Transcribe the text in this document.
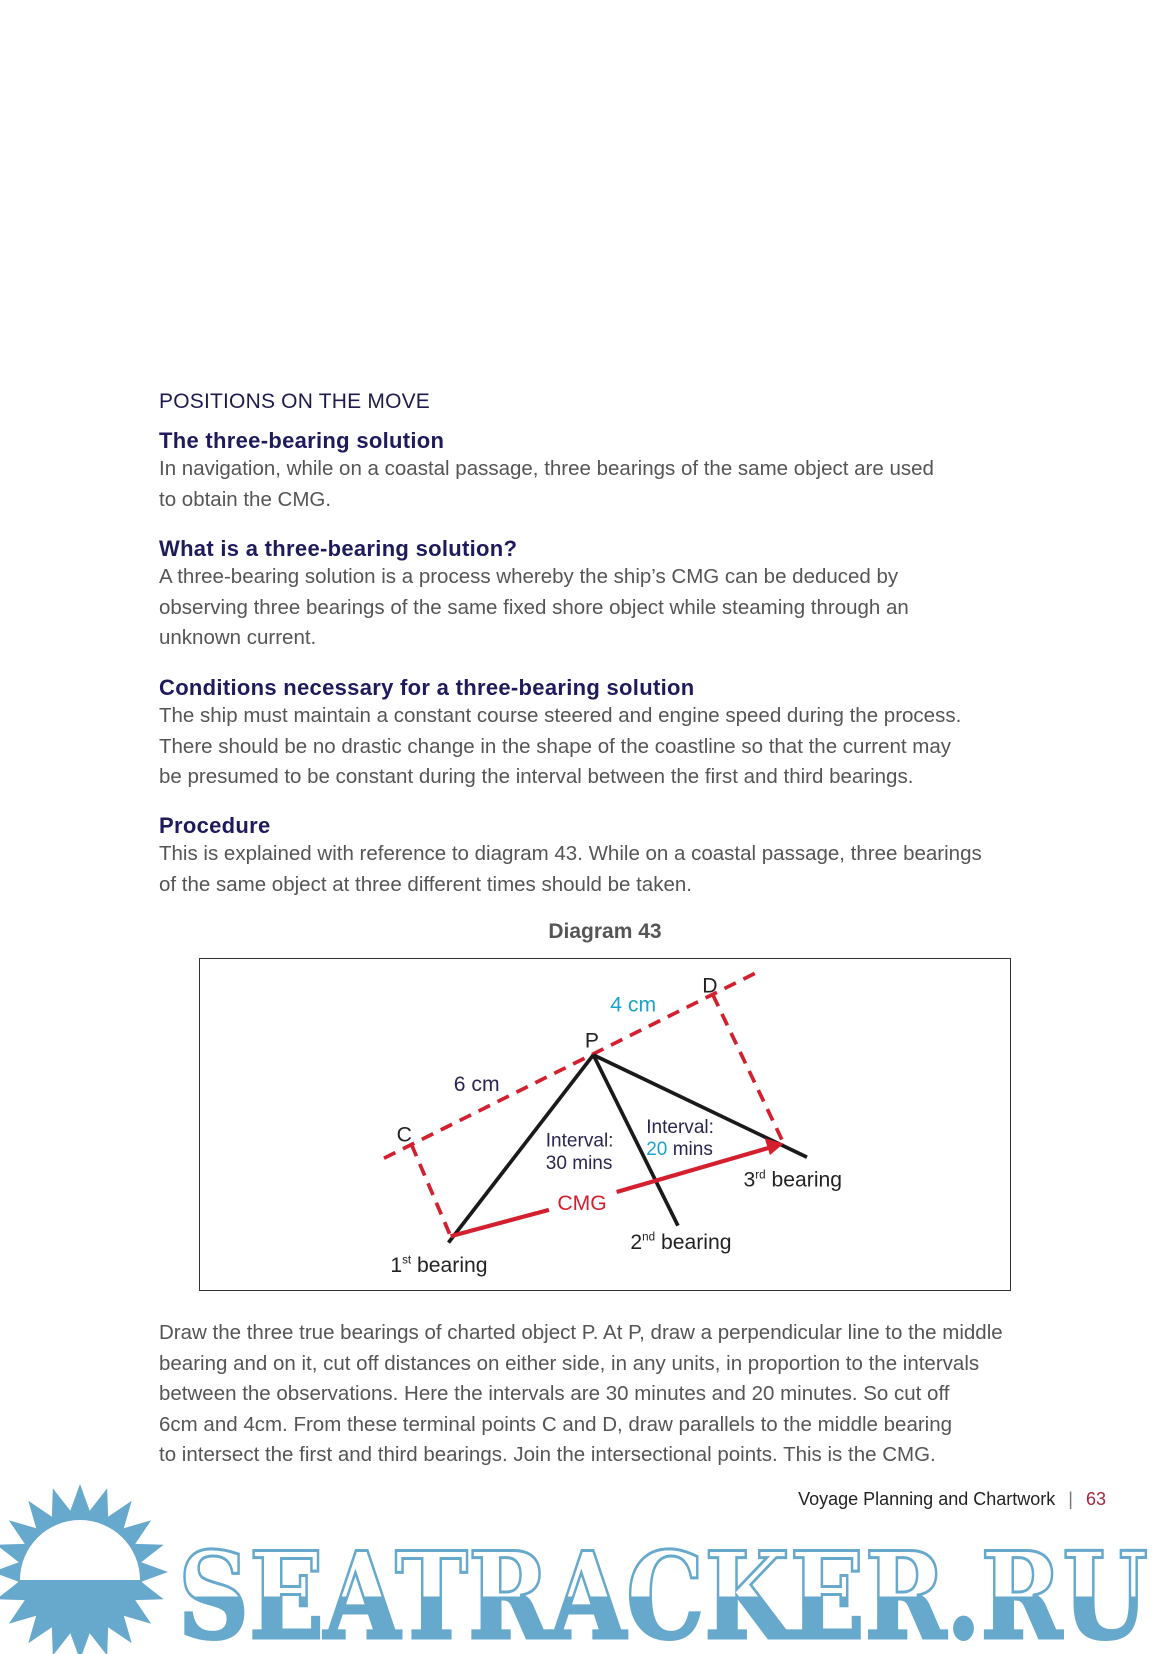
POSITIONS ON THE MOVE
The three-bearing solution

In navigation, while on a coastal passage, three bearings of the same object are used

to obtain the CMG.

What is a three-bearing solution?

A three-bearing solution is a process whereby the ship’s CMG can be deduced by

observing three bearings of the same fixed shore object while steaming through an

unknown current.

Conditions necessary for a three-bearing solution

The ship must maintain a constant course steered and engine speed during the process.

There should be no drastic change in the shape of the coastline so that the current may

be presumed to be constant during the interval between the first and third bearings.

Procedure

This is explained with reference to diagram 43. While on a coastal passage, three bearings

of the same object at three different times should be taken.

Diagram 43
P
C
D
6 cm
4 cm
Interval: 30 mins
Interval: 20 mins
CMG
1st bearing
2nd bearing
3rd bearing

Draw the three true bearings of charted object P. At P, draw a perpendicular line to the middle

bearing and on it, cut off distances on either side, in any units, in proportion to the intervals

between the observations. Here the intervals are 30 minutes and 20 minutes. So cut off

6cm and 4cm. From these terminal points C and D, draw parallels to the middle bearing

to intersect the first and third bearings. Join the intersectional points. This is the CMG.

SEATRACKER.RU
Voyage Planning and Chartwork | 63
